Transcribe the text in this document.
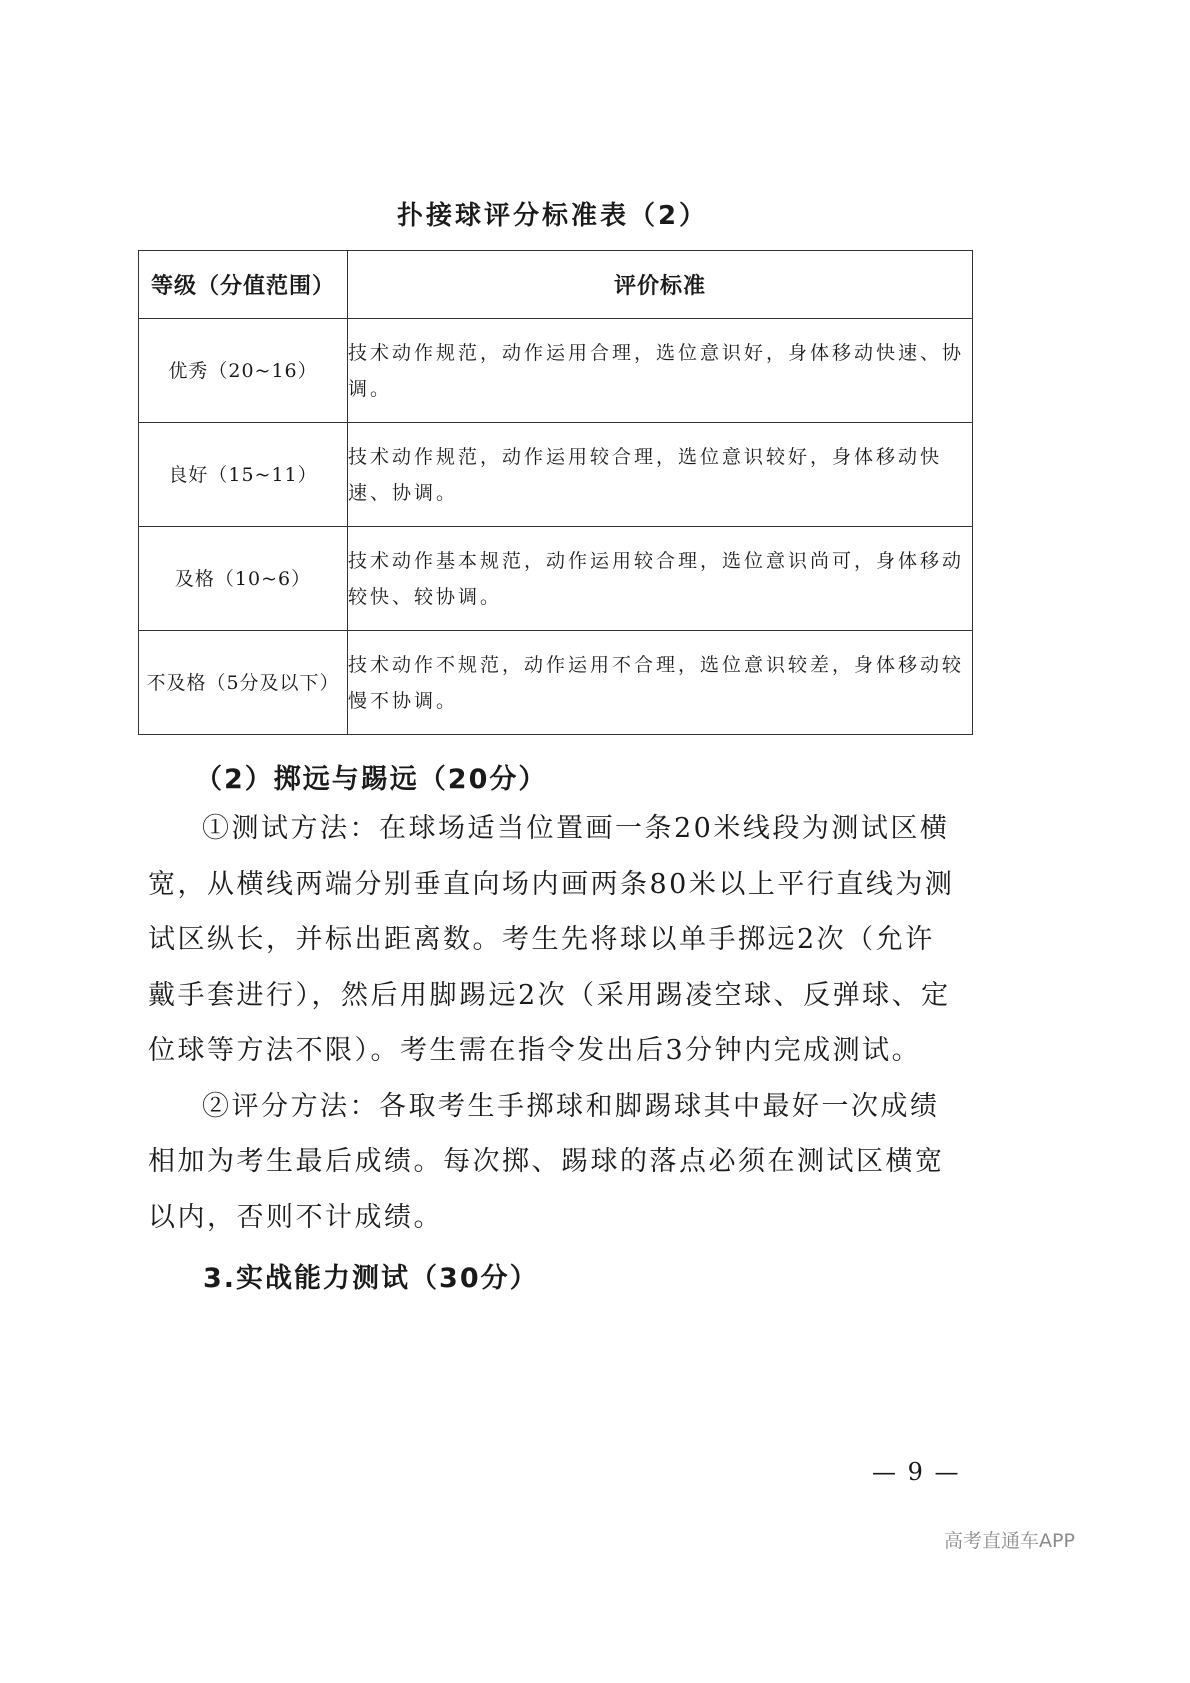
扑接球评分标准表（2）
等级（分值范围）	评价标准
优秀（20~16）	技术动作规范，动作运用合理，选位意识好，身体移动快速、协调。
良好（15~11）	技术动作规范，动作运用较合理，选位意识较好，身体移动快速、协调。
及格（10~6）	技术动作基本规范，动作运用较合理，选位意识尚可，身体移动较快、较协调。
不及格（5分及以下）	技术动作不规范，动作运用不合理，选位意识较差，身体移动较慢不协调。
（2）掷远与踢远（20分）

①测试方法：在球场适当位置画一条20米线段为测试区横宽，从横线两端分别垂直向场内画两条80米以上平行直线为测试区纵长，并标出距离数。考生先将球以单手掷远2次（允许戴手套进行），然后用脚踢远2次（采用踢凌空球、反弹球、定位球等方法不限）。考生需在指令发出后3分钟内完成测试。

②评分方法：各取考生手掷球和脚踢球其中最好一次成绩相加为考生最后成绩。每次掷、踢球的落点必须在测试区横宽以内，否则不计成绩。

3.实战能力测试（30分）
— 9 —
高考直通车APP
